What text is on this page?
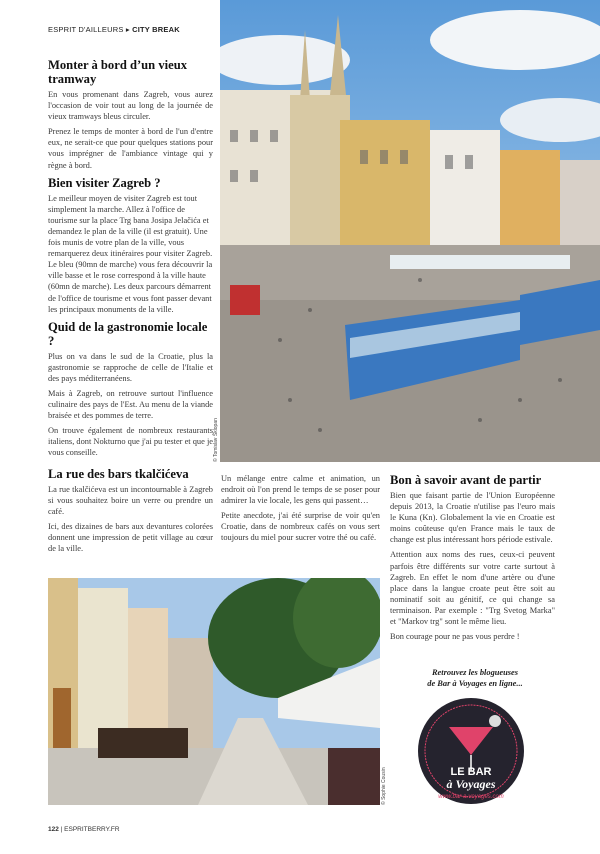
ESPRIT D'AILLEURS ▸ CITY BREAK
Monter à bord d’un vieux tramway

En vous promenant dans Zagreb, vous aurez l'occasion de voir tout au long de la journée de vieux tramways bleus circuler.

Prenez le temps de monter à bord de l'un d'entre eux, ne serait-ce que pour quelques stations pour vous imprégner de l'ambiance vintage qui y règne à bord.

Bien visiter Zagreb ?

Le meilleur moyen de visiter Zagreb est tout simplement la marche. Allez à l'office de tourisme sur la place Trg bana Josipa Jelačića et demandez le plan de la ville (il est gratuit). Une fois munis de votre plan de la ville, vous remarquerez deux itinéraires pour visiter Zagreb. Le bleu (90mn de marche) vous fera découvrir la ville basse et le rose correspond à la ville haute (60mn de marche). Les deux parcours démarrent de l'office de tourisme et vous font passer devant les principaux monuments de la ville.

Quid de la gastronomie locale ?

Plus on va dans le sud de la Croatie, plus la gastronomie se rapproche de celle de l'Italie et des pays méditerranéens.

Mais à Zagreb, on retrouve surtout l'influence culinaire des pays de l'Est. Au menu de la viande braisée et des pommes de terre.

On trouve également de nombreux restaurants italiens, dont Nokturno que j'ai pu tester et que je vous conseille.

La rue des bars tkalčićeva

La rue tkalčićeva est un incontournable à Zagreb si vous souhaitez boire un verre ou prendre un café.

Ici, des dizaines de bars aux devantures colorées donnent une impression de petit village au cœur de la ville.

Un mélange entre calme et animation, un endroit où l'on prend le temps de se poser pour admirer la vie locale, les gens qui passent…

Petite anecdote, j'ai été surprise de voir qu'en Croatie, dans de nombreux cafés on vous sert toujours du miel pour sucrer votre thé ou café.

Bon à savoir avant de partir

Bien que faisant partie de l'Union Européenne depuis 2013, la Croatie n'utilise pas l'euro mais le Kuna (Kn). Globalement la vie en Croatie est moins coûteuse qu'en France mais le taux de change est plus intéressant hors période estivale.

Attention aux noms des rues, ceux-ci peuvent parfois être différents sur votre carte surtout à Zagreb. En effet le nom d'une artère ou d'une place dans la langue croate peut être soit au nominatif soit au génitif, ce qui change sa terminaison. Par exemple : "Trg Svetog Marka" et "Markov trg" sont le même lieu.

Bon courage pour ne pas vous perdre !

Retrouvez les blogueuses
de Bar à Voyages en ligne...
© Tomislav Šklopan
© Sophie Cousin	LE BAR
à Voyages
www.bar-a-voyages.com
122 | ESPRITBERRY.FR
